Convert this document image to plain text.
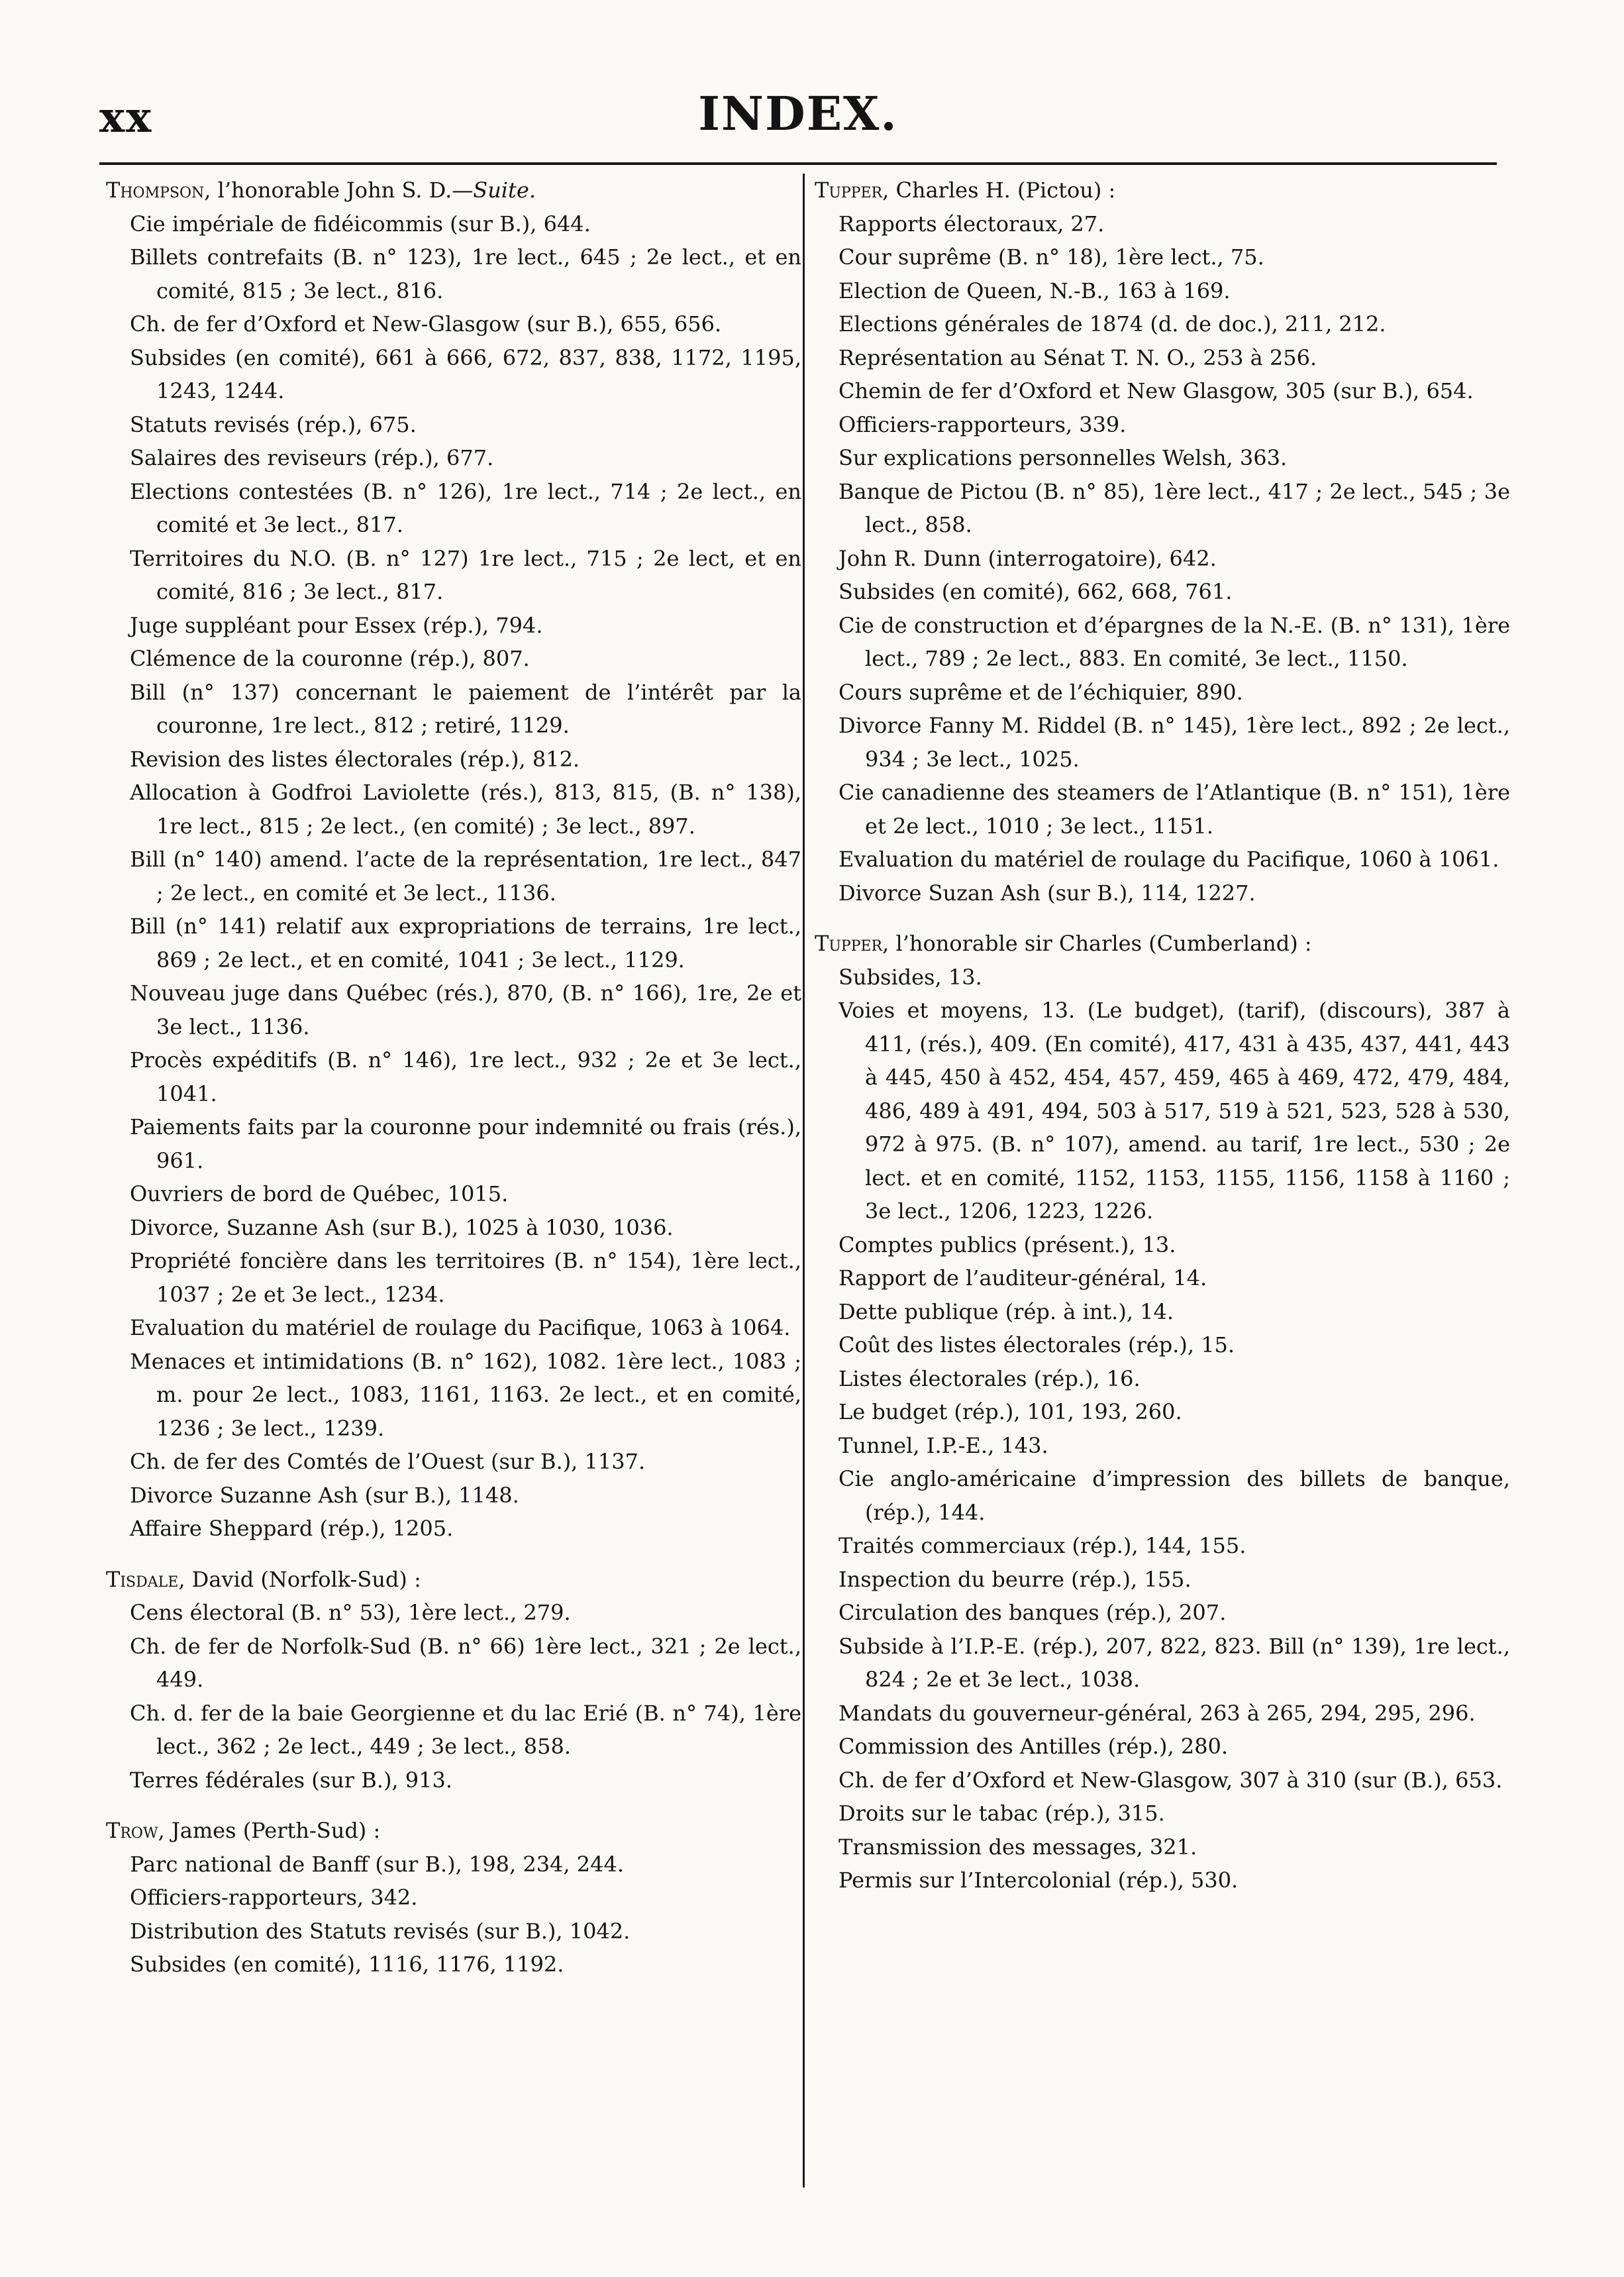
xx	INDEX.

Thompson, l’honorable John S. D.—Suite.

Cie impériale de fidéicommis (sur B.), 644.

Billets contrefaits (B. n° 123), 1re lect., 645 ; 2e lect., et en comité, 815 ; 3e lect., 816.

Ch. de fer d’Oxford et New-Glasgow (sur B.), 655, 656.

Subsides (en comité), 661 à 666, 672, 837, 838, 1172, 1195, 1243, 1244.

Statuts revisés (rép.), 675.

Salaires des reviseurs (rép.), 677.

Elections contestées (B. n° 126), 1re lect., 714 ; 2e lect., en comité et 3e lect., 817.

Territoires du N.O. (B. n° 127) 1re lect., 715 ; 2e lect, et en comité, 816 ; 3e lect., 817.

Juge suppléant pour Essex (rép.), 794.

Clémence de la couronne (rép.), 807.

Bill (n° 137) concernant le paiement de l’intérêt par la couronne, 1re lect., 812 ; retiré, 1129.

Revision des listes électorales (rép.), 812.

Allocation à Godfroi Laviolette (rés.), 813, 815, (B. n° 138), 1re lect., 815 ; 2e lect., (en comité) ; 3e lect., 897.

Bill (n° 140) amend. l’acte de la représentation, 1re lect., 847 ; 2e lect., en comité et 3e lect., 1136.

Bill (n° 141) relatif aux expropriations de terrains, 1re lect., 869 ; 2e lect., et en comité, 1041 ; 3e lect., 1129.

Nouveau juge dans Québec (rés.), 870, (B. n° 166), 1re, 2e et 3e lect., 1136.

Procès expéditifs (B. n° 146), 1re lect., 932 ; 2e et 3e lect., 1041.

Paiements faits par la couronne pour indemnité ou frais (rés.), 961.

Ouvriers de bord de Québec, 1015.

Divorce, Suzanne Ash (sur B.), 1025 à 1030, 1036.

Propriété foncière dans les territoires (B. n° 154), 1ère lect., 1037 ; 2e et 3e lect., 1234.

Evaluation du matériel de roulage du Pacifique, 1063 à 1064.

Menaces et intimidations (B. n° 162), 1082. 1ère lect., 1083 ; m. pour 2e lect., 1083, 1161, 1163. 2e lect., et en comité, 1236 ; 3e lect., 1239.

Ch. de fer des Comtés de l’Ouest (sur B.), 1137.

Divorce Suzanne Ash (sur B.), 1148.

Affaire Sheppard (rép.), 1205.

Tisdale, David (Norfolk-Sud) :

Cens électoral (B. n° 53), 1ère lect., 279.

Ch. de fer de Norfolk-Sud (B. n° 66) 1ère lect., 321 ; 2e lect., 449.

Ch. d. fer de la baie Georgienne et du lac Erié (B. n° 74), 1ère lect., 362 ; 2e lect., 449 ; 3e lect., 858.

Terres fédérales (sur B.), 913.

Trow, James (Perth-Sud) :

Parc national de Banff (sur B.), 198, 234, 244.

Officiers-rapporteurs, 342.

Distribution des Statuts revisés (sur B.), 1042.

Subsides (en comité), 1116, 1176, 1192.

Tupper, Charles H. (Pictou) :

Rapports électoraux, 27.

Cour suprême (B. n° 18), 1ère lect., 75.

Election de Queen, N.-B., 163 à 169.

Elections générales de 1874 (d. de doc.), 211, 212.

Représentation au Sénat T. N. O., 253 à 256.

Chemin de fer d’Oxford et New Glasgow, 305 (sur B.), 654.

Officiers-rapporteurs, 339.

Sur explications personnelles Welsh, 363.

Banque de Pictou (B. n° 85), 1ère lect., 417 ; 2e lect., 545 ; 3e lect., 858.

John R. Dunn (interrogatoire), 642.

Subsides (en comité), 662, 668, 761.

Cie de construction et d’épargnes de la N.-E. (B. n° 131), 1ère lect., 789 ; 2e lect., 883. En comité, 3e lect., 1150.

Cours suprême et de l’échiquier, 890.

Divorce Fanny M. Riddel (B. n° 145), 1ère lect., 892 ; 2e lect., 934 ; 3e lect., 1025.

Cie canadienne des steamers de l’Atlantique (B. n° 151), 1ère et 2e lect., 1010 ; 3e lect., 1151.

Evaluation du matériel de roulage du Pacifique, 1060 à 1061.

Divorce Suzan Ash (sur B.), 114, 1227.

Tupper, l’honorable sir Charles (Cumberland) :

Subsides, 13.

Voies et moyens, 13. (Le budget), (tarif), (discours), 387 à 411, (rés.), 409. (En comité), 417, 431 à 435, 437, 441, 443 à 445, 450 à 452, 454, 457, 459, 465 à 469, 472, 479, 484, 486, 489 à 491, 494, 503 à 517, 519 à 521, 523, 528 à 530, 972 à 975. (B. n° 107), amend. au tarif, 1re lect., 530 ; 2e lect. et en comité, 1152, 1153, 1155, 1156, 1158 à 1160 ; 3e lect., 1206, 1223, 1226.

Comptes publics (présent.), 13.

Rapport de l’auditeur-général, 14.

Dette publique (rép. à int.), 14.

Coût des listes électorales (rép.), 15.

Listes électorales (rép.), 16.

Le budget (rép.), 101, 193, 260.

Tunnel, I.P.-E., 143.

Cie anglo-américaine d’impression des billets de banque, (rép.), 144.

Traités commerciaux (rép.), 144, 155.

Inspection du beurre (rép.), 155.

Circulation des banques (rép.), 207.

Subside à l’I.P.-E. (rép.), 207, 822, 823. Bill (n° 139), 1re lect., 824 ; 2e et 3e lect., 1038.

Mandats du gouverneur-général, 263 à 265, 294, 295, 296.

Commission des Antilles (rép.), 280.

Ch. de fer d’Oxford et New-Glasgow, 307 à 310 (sur (B.), 653.

Droits sur le tabac (rép.), 315.

Transmission des messages, 321.

Permis sur l’Intercolonial (rép.), 530.
